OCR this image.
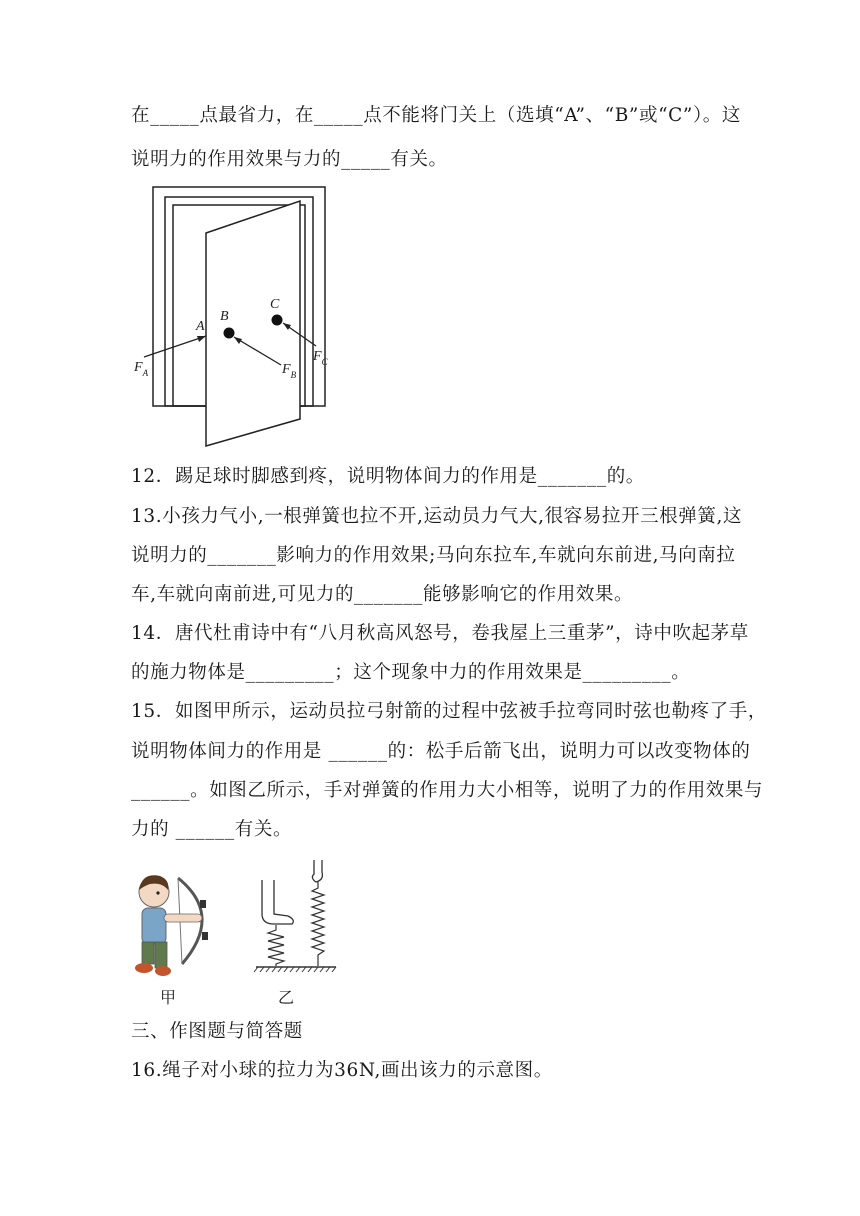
在_____点最省力，在_____点不能将门关上（选填“A”、“B”或“C”）。这
说明力的作用效果与力的_____有关。
A
B
C
$F_A$	$F_B$
$F_C$
12．踢足球时脚感到疼，说明物体间力的作用是_______的。
13.小孩力气小,一根弹簧也拉不开,运动员力气大,很容易拉开三根弹簧,这
说明力的_______影响力的作用效果;马向东拉车,车就向东前进,马向南拉
车,车就向南前进,可见力的_______能够影响它的作用效果。
14．唐代杜甫诗中有“八月秋高风怒号，卷我屋上三重茅”，诗中吹起茅草
的施力物体是_________；这个现象中力的作用效果是_________。
15．如图甲所示，运动员拉弓射箭的过程中弦被手拉弯同时弦也勒疼了手，
说明物体间力的作用是 ______的：松手后箭飞出，说明力可以改变物体的
______。如图乙所示，手对弹簧的作用力大小相等，说明了力的作用效果与
力的 ______有关。
甲	乙
三、作图题与简答题
16.绳子对小球的拉力为36N,画出该力的示意图。
